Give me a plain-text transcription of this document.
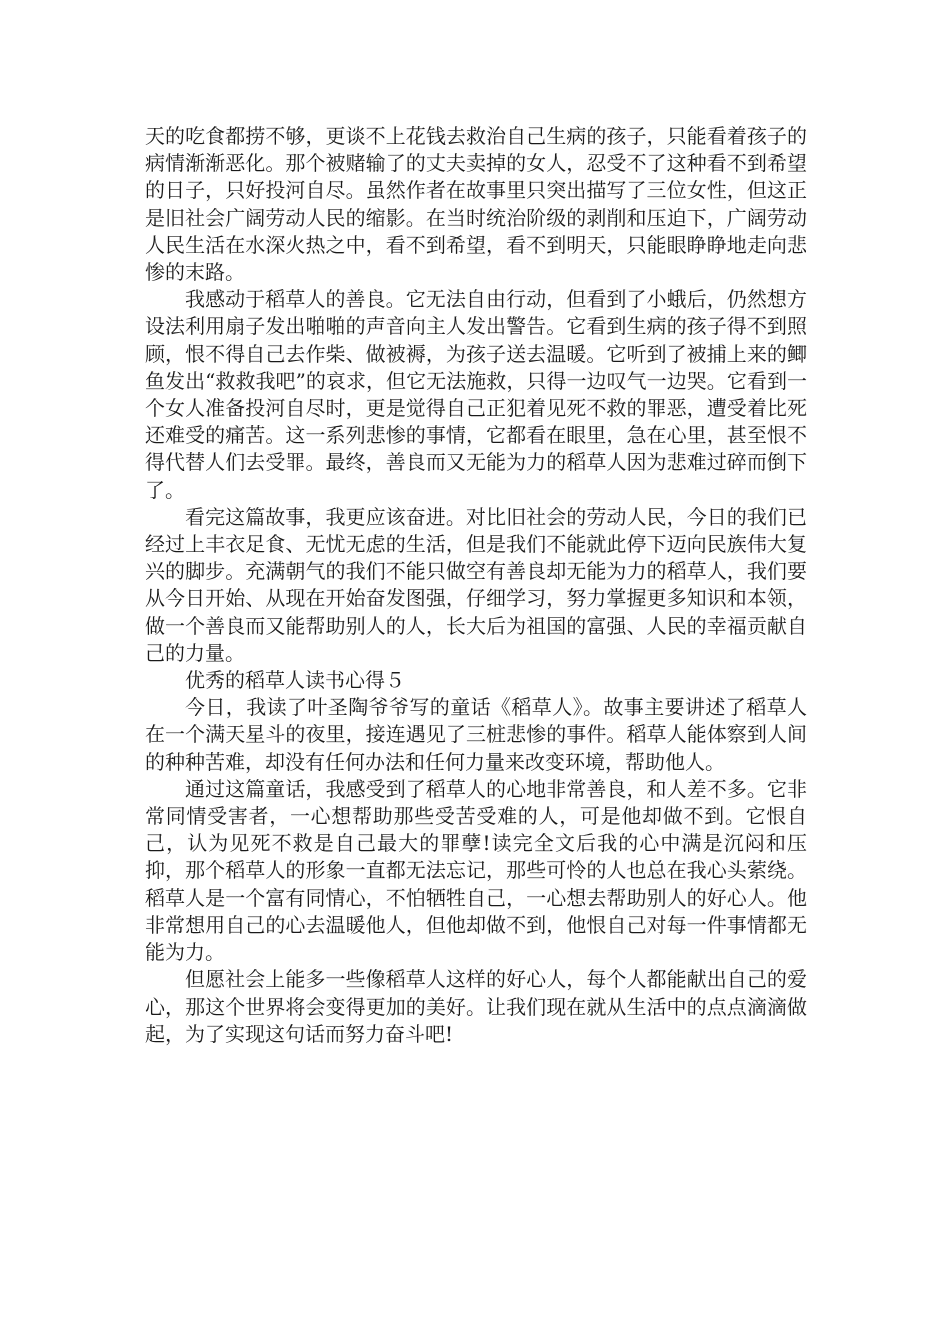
天的吃食都捞不够，更谈不上花钱去救治自己生病的孩子，只能看着孩子的病情渐渐恶化。那个被赌输了的丈夫卖掉的女人，忍受不了这种看不到希望的日子，只好投河自尽。虽然作者在故事里只突出描写了三位女性，但这正是旧社会广阔劳动人民的缩影。在当时统治阶级的剥削和压迫下，广阔劳动人民生活在水深火热之中，看不到希望，看不到明天，只能眼睁睁地走向悲惨的末路。

我感动于稻草人的善良。它无法自由行动，但看到了小蛾后，仍然想方设法利用扇子发出啪啪的声音向主人发出警告。它看到生病的孩子得不到照顾，恨不得自己去作柴、做被褥，为孩子送去温暖。它听到了被捕上来的鲫鱼发出“救救我吧”的哀求，但它无法施救，只得一边叹气一边哭。它看到一个女人准备投河自尽时，更是觉得自己正犯着见死不救的罪恶，遭受着比死还难受的痛苦。这一系列悲惨的事情，它都看在眼里，急在心里，甚至恨不得代替人们去受罪。最终，善良而又无能为力的稻草人因为悲难过碎而倒下了。

看完这篇故事，我更应该奋进。对比旧社会的劳动人民，今日的我们已经过上丰衣足食、无忧无虑的生活，但是我们不能就此停下迈向民族伟大复兴的脚步。充满朝气的我们不能只做空有善良却无能为力的稻草人，我们要从今日开始、从现在开始奋发图强，仔细学习，努力掌握更多知识和本领，做一个善良而又能帮助别人的人，长大后为祖国的富强、人民的幸福贡献自己的力量。

优秀的稻草人读书心得５

今日，我读了叶圣陶爷爷写的童话《稻草人》。故事主要讲述了稻草人在一个满天星斗的夜里，接连遇见了三桩悲惨的事件。稻草人能体察到人间的种种苦难，却没有任何办法和任何力量来改变环境，帮助他人。

通过这篇童话，我感受到了稻草人的心地非常善良，和人差不多。它非常同情受害者，一心想帮助那些受苦受难的人，可是他却做不到。它恨自己，认为见死不救是自己最大的罪孽!读完全文后我的心中满是沉闷和压抑，那个稻草人的形象一直都无法忘记，那些可怜的人也总在我心头萦绕。稻草人是一个富有同情心，不怕牺牲自己，一心想去帮助别人的好心人。他非常想用自己的心去温暖他人，但他却做不到，他恨自己对每一件事情都无能为力。

但愿社会上能多一些像稻草人这样的好心人，每个人都能献出自己的爱心，那这个世界将会变得更加的美好。让我们现在就从生活中的点点滴滴做起，为了实现这句话而努力奋斗吧!
